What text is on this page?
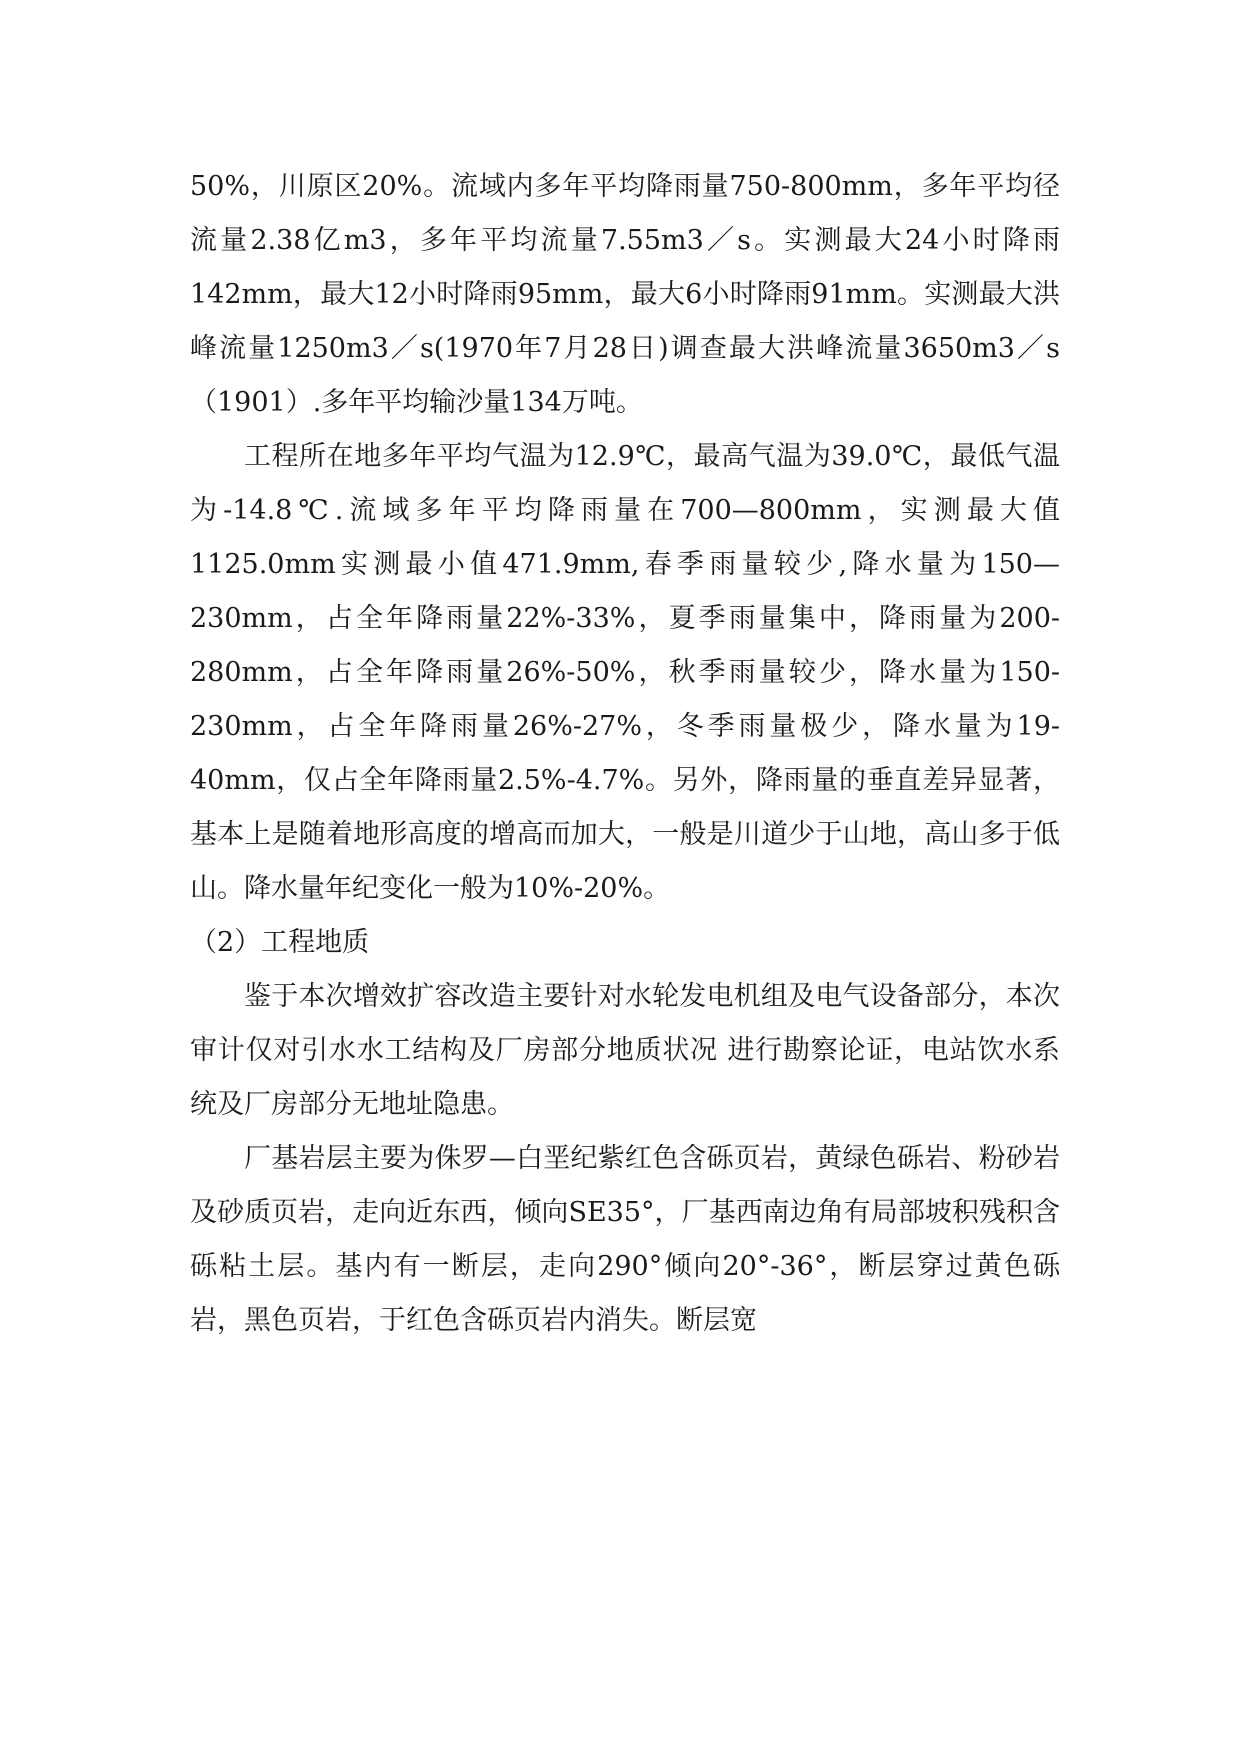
50%，川原区20%。流域内多年平均降雨量750-800mm，多年平均径流量2.38亿m3，多年平均流量7.55m3／s。实测最大24小时降雨142mm，最大12小时降雨95mm，最大6小时降雨91mm。实测最大洪峰流量1250m3／s(1970年7月28日)调查最大洪峰流量3650m3／s（1901）.多年平均输沙量134万吨。

工程所在地多年平均气温为12.9℃，最高气温为39.0℃，最低气温为-14.8℃.流域多年平均降雨量在700—800mm，实测最大值1125.0mm实测最小值471.9mm,春季雨量较少,降水量为150—230mm，占全年降雨量22%-33%，夏季雨量集中，降雨量为200-280mm，占全年降雨量26%-50%，秋季雨量较少，降水量为150-230mm，占全年降雨量26%-27%，冬季雨量极少，降水量为19-40mm，仅占全年降雨量2.5%-4.7%。另外，降雨量的垂直差异显著，基本上是随着地形高度的增高而加大，一般是川道少于山地，高山多于低山。降水量年纪变化一般为10%-20%。

（2）工程地质

鉴于本次增效扩容改造主要针对水轮发电机组及电气设备部分，本次审计仅对引水水工结构及厂房部分地质状况 进行勘察论证，电站饮水系统及厂房部分无地址隐患。

厂基岩层主要为侏罗—白垩纪紫红色含砾页岩，黄绿色砾岩、粉砂岩及砂质页岩，走向近东西，倾向SE35°，厂基西南边角有局部坡积残积含砾粘土层。基内有一断层，走向290°倾向20°-36°，断层穿过黄色砾岩，黑色页岩，于红色含砾页岩内消失。断层宽
